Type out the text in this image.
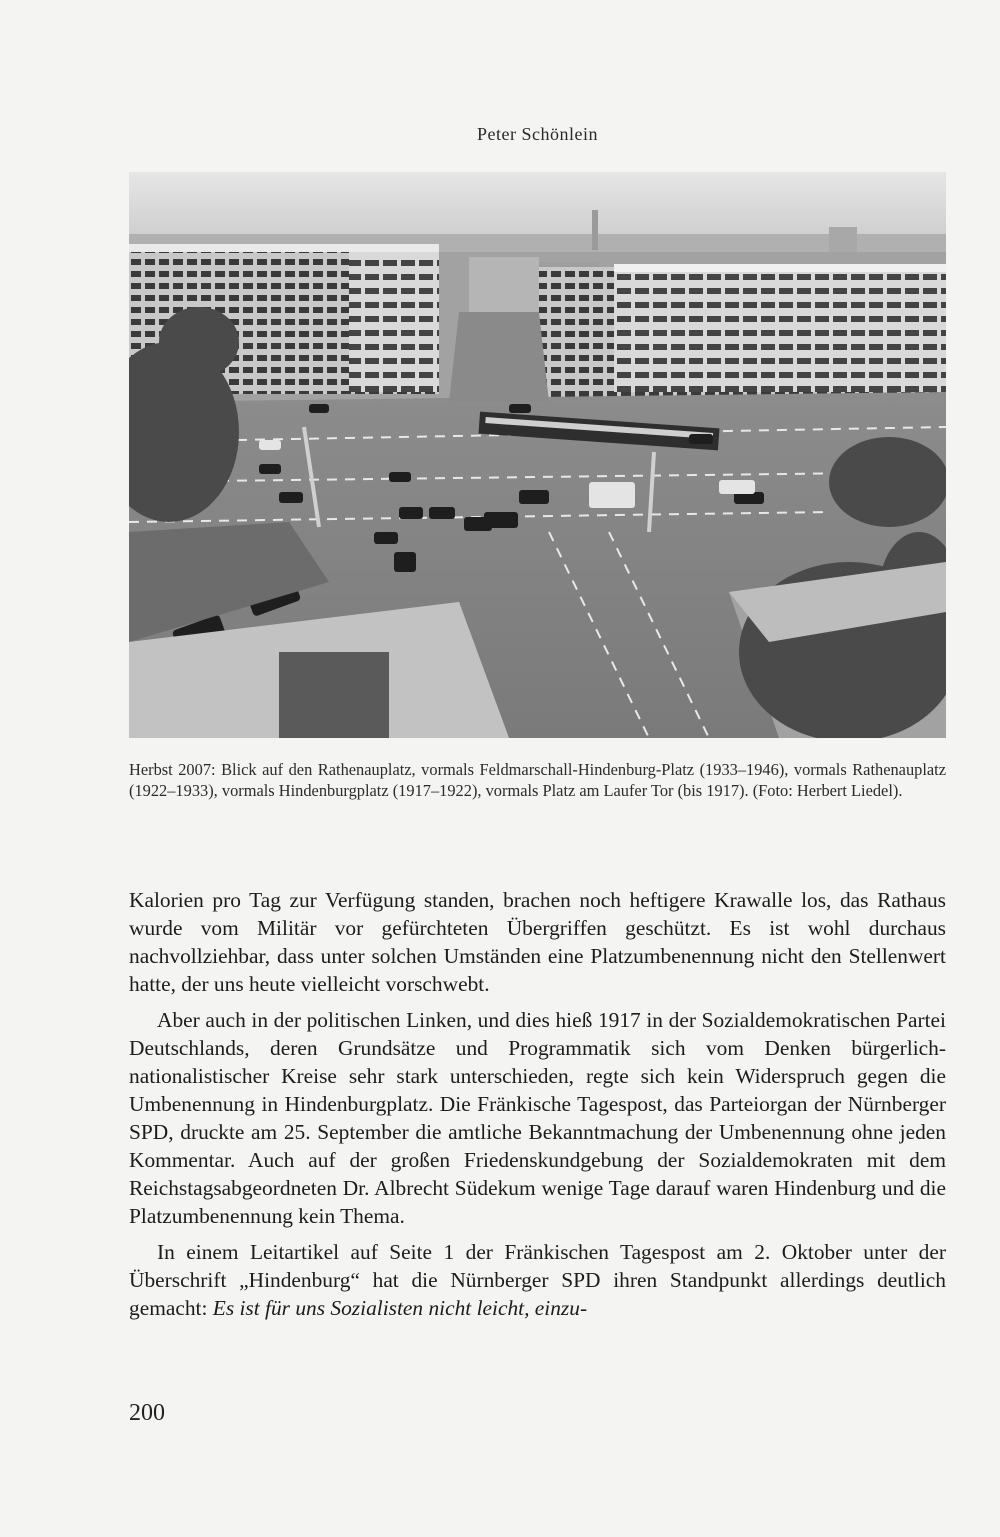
Peter Schönlein

Herbst 2007: Blick auf den Rathenauplatz, vormals Feldmarschall-Hindenburg-Platz (1933–1946), vormals Rathenauplatz (1922–1933), vormals Hindenburgplatz (1917–1922), vormals Platz am Laufer Tor (bis 1917). (Foto: Herbert Liedel).

Kalorien pro Tag zur Verfügung standen, brachen noch heftigere Krawalle los, das Rathaus wurde vom Militär vor gefürchteten Übergriffen geschützt. Es ist wohl durchaus nachvollziehbar, dass unter solchen Umständen eine Platzumbenennung nicht den Stellenwert hatte, der uns heute vielleicht vorschwebt.

Aber auch in der politischen Linken, und dies hieß 1917 in der Sozialdemokratischen Partei Deutschlands, deren Grundsätze und Programmatik sich vom Denken bürgerlich-nationalistischer Kreise sehr stark unterschieden, regte sich kein Widerspruch gegen die Umbenennung in Hindenburgplatz. Die Fränkische Tagespost, das Parteiorgan der Nürnberger SPD, druckte am 25. September die amtliche Bekanntmachung der Umbenennung ohne jeden Kommentar. Auch auf der großen Friedenskundgebung der Sozialdemokraten mit dem Reichstagsabgeordneten Dr. Albrecht Südekum wenige Tage darauf waren Hindenburg und die Platzumbenennung kein Thema.

In einem Leitartikel auf Seite 1 der Fränkischen Tagespost am 2. Oktober unter der Überschrift „Hindenburg“ hat die Nürnberger SPD ihren Standpunkt allerdings deutlich gemacht: Es ist für uns Sozialisten nicht leicht, einzu-

200
